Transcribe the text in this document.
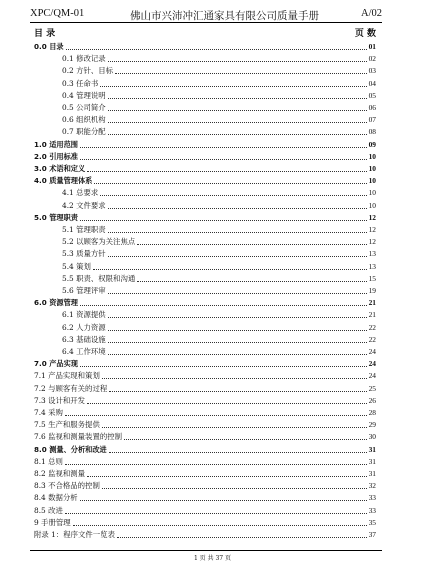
XPC/QM-01	佛山市兴沛冲汇通家具有限公司质量手册	A/02
目 录	页 数
0.0 目录	01
0.1 修改记录	02
0.2 方针、目标	03
0.3 任命书	04
0.4 管理说明	05
0.5 公司简介	06
0.6 组织机构	07
0.7 职能分配	08
1.0 适用范围	09
2.0 引用标准	10
3.0 术语和定义	10
4.0 质量管理体系	10
4.1 总要求	10
4.2 文件要求	10
5.0 管理职责	12
5.1 管理职责	12
5.2 以顾客为关注焦点	12
5.3 质量方针	13
5.4 策划	13
5.5 职责、权限和沟通	15
5.6 管理评审	19
6.0 资源管理	21
6.1 资源提供	21
6.2 人力资源	22
6.3 基础设施	22
6.4 工作环境	24
7.0 产品实现	24
7.1 产品实现和策划	24
7.2 与顾客有关的过程	25
7.3 设计和开发	26
7.4 采购	28
7.5 生产和服务提供	29
7.6 监视和测量装置的控制	30
8.0 测量、分析和改进	31
8.1 总则	31
8.2 监视和测量	31
8.3 不合格品的控制	32
8.4 数据分析	33
8.5 改进	33
9 手册管理	35
附录 1：程序文件一览表	37
1 页 共 37 页
